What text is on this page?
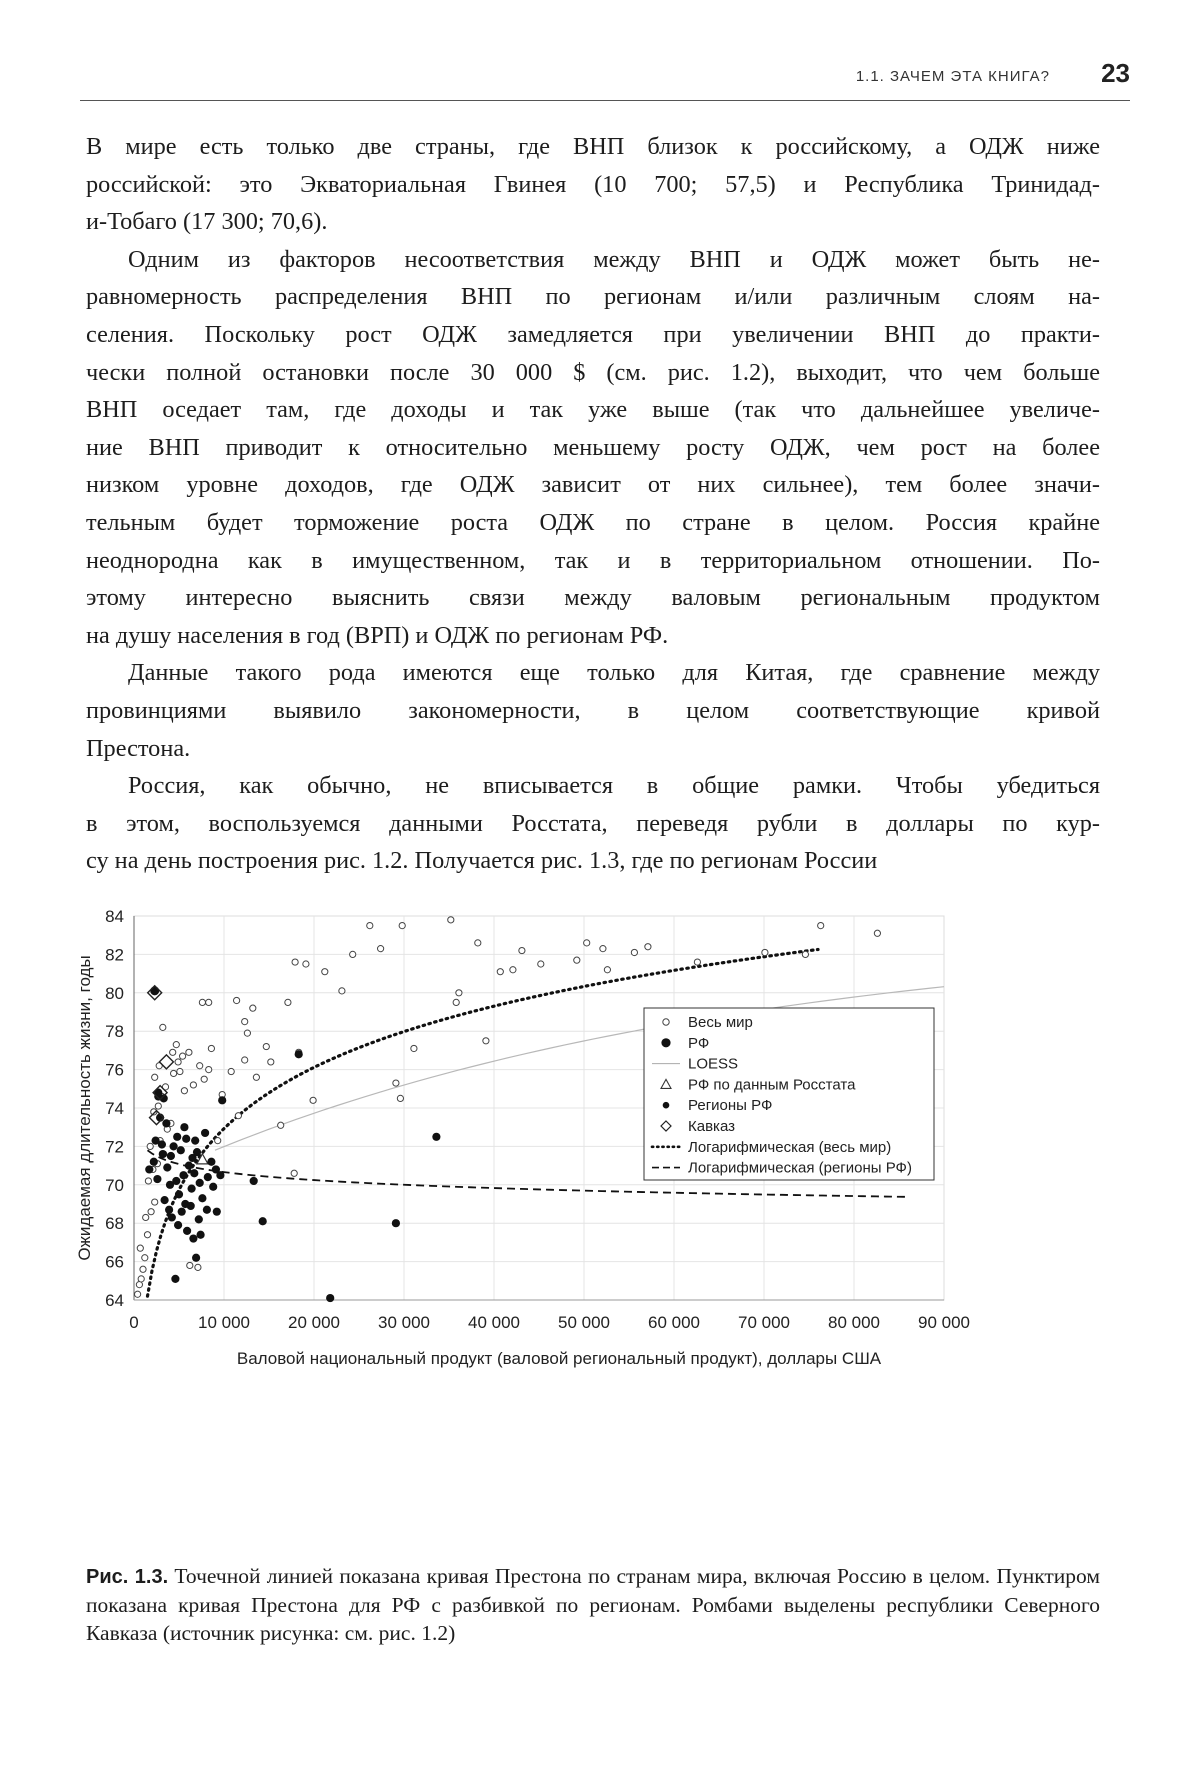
1.1. ЗАЧЕМ ЭТА КНИГА? 23

В мире есть только две страны, где ВНП близок к российскому, а ОДЖ ниже
российской: это Экваториальная Гвинея (10 700; 57,5) и Республика Тринидад-
и-Тобаго (17 300; 70,6).

Одним из факторов несоответствия между ВНП и ОДЖ может быть не-
равномерность распределения ВНП по регионам и/или различным слоям на-
селения. Поскольку рост ОДЖ замедляется при увеличении ВНП до практи-
чески полной остановки после 30 000 $ (см. рис. 1.2), выходит, что чем больше
ВНП оседает там, где доходы и так уже выше (так что дальнейшее увеличе-
ние ВНП приводит к относительно меньшему росту ОДЖ, чем рост на более
низком уровне доходов, где ОДЖ зависит от них сильнее), тем более значи-
тельным будет торможение роста ОДЖ по стране в целом. Россия крайне
неоднородна как в имущественном, так и в территориальном отношении. По-
этому интересно выяснить связи между валовым региональным продуктом
на душу населения в год (ВРП) и ОДЖ по регионам РФ.

Данные такого рода имеются еще только для Китая, где сравнение между
провинциями выявило закономерности, в целом соответствующие кривой
Престона.

Россия, как обычно, не вписывается в общие рамки. Чтобы убедиться
в этом, воспользуемся данными Росстата, переведя рубли в доллары по кур-
су на день построения рис. 1.2. Получается рис. 1.3, где по регионам России

0	10 000 20 000 30 000 40 000 50 000 60 000 70 000 80 000 90 000
64
66
68
70
72
74
76
78
80
82
84
Валовой национальный продукт (валовой региональный продукт), доллары США
Ожидаемая длительность жизни, годы	Весь мир
РФ
LOESS
РФ по данным Росстата
Регионы РФ
Кавказ
Логарифмическая (весь мир)
Логарифмическая (регионы РФ)
Рис. 1.3. Точечной линией показана кривая Престона по странам мира, включая Россию в целом. Пунктиром показана кривая Престона для РФ с разбивкой по регионам. Ромбами выделены республики Северного Кавказа (источник рисунка: см. рис. 1.2)
